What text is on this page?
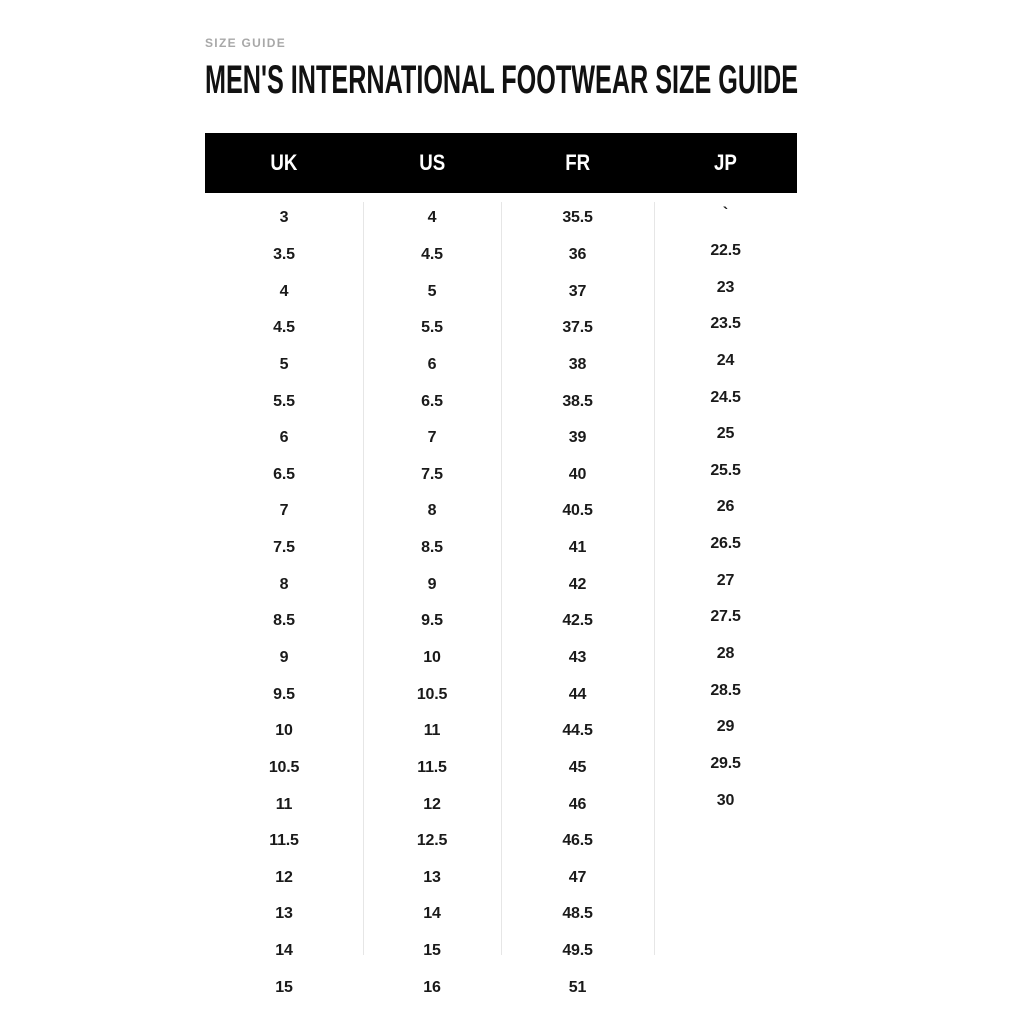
SIZE GUIDE
MEN'S INTERNATIONAL FOOTWEAR SIZE GUIDE
UK	US	FR	JP
3	4	35.5	`
3.5	4.5	36	22.5
4	5	37	23
4.5	5.5	37.5	23.5
5	6	38	24
5.5	6.5	38.5	24.5
6	7	39	25
6.5	7.5	40	25.5
7	8	40.5	26
7.5	8.5	41	26.5
8	9	42	27
8.5	9.5	42.5	27.5
9	10	43	28
9.5	10.5	44	28.5
10	11	44.5	29
10.5	11.5	45	29.5
11	12	46	30
11.5	12.5	46.5
12	13	47
13	14	48.5
14	15	49.5
15	16	51
